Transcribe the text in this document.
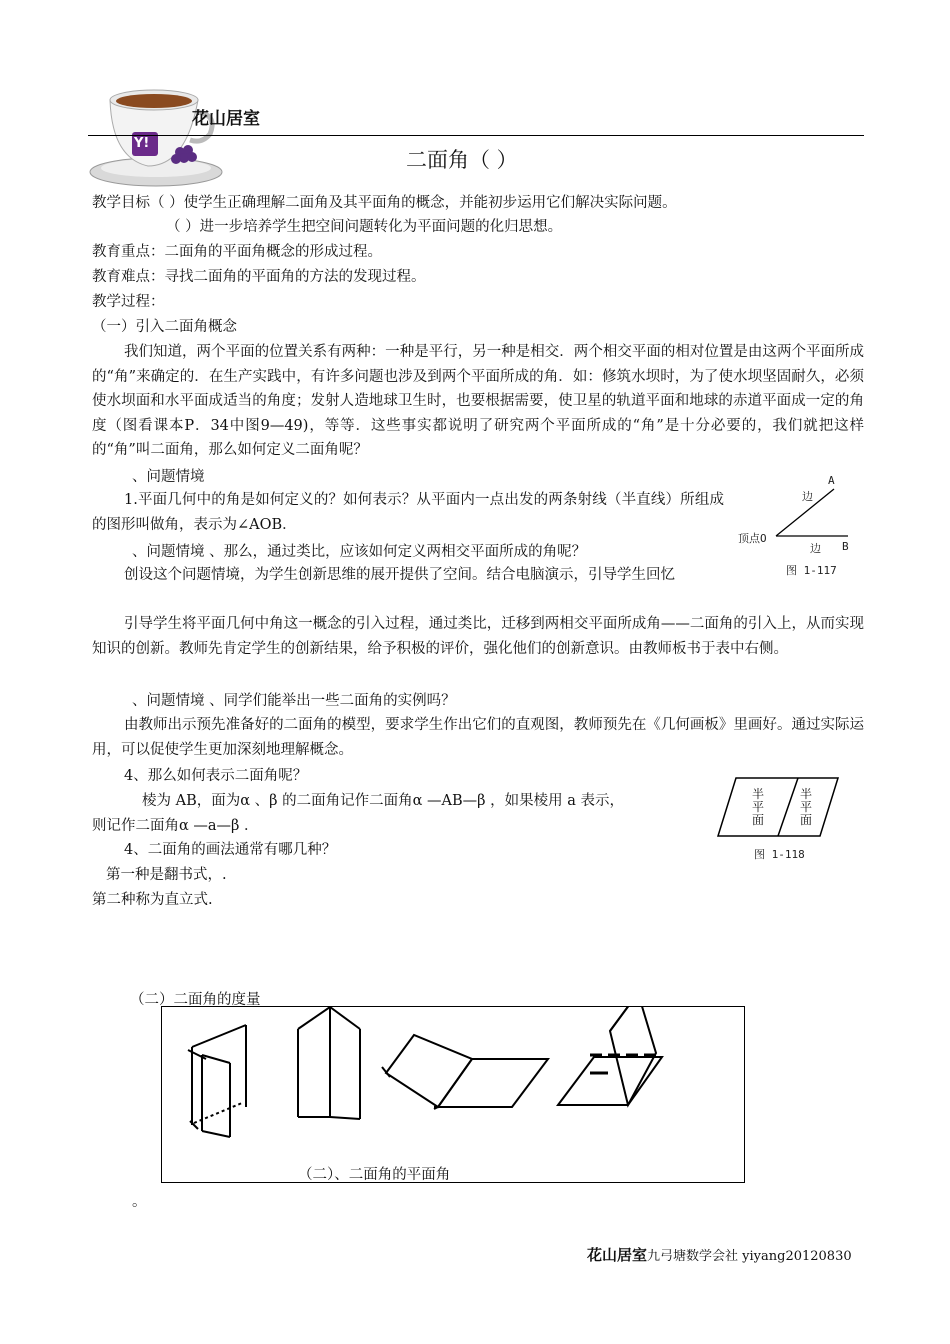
Y!
花山居室
二面角（ ）
教学目标（ ）使学生正确理解二面角及其平面角的概念，并能初步运用它们解决实际问题。
（ ）进一步培养学生把空间问题转化为平面问题的化归思想。
教育重点：二面角的平面角概念的形成过程。
教育难点：寻找二面角的平面角的方法的发现过程。
教学过程：
（一）引入二面角概念
我们知道，两个平面的位置关系有两种：一种是平行，另一种是相交．两个相交平面的相对位置是由这两个平面所成的“角”来确定的．在生产实践中，有许多问题也涉及到两个平面所成的角．如：修筑水坝时，为了使水坝坚固耐久，必须使水坝面和水平面成适当的角度；发射人造地球卫生时，也要根据需要，使卫星的轨道平面和地球的赤道平面成一定的角度（图看课本P．34中图9—49)，等等．这些事实都说明了研究两个平面所成的“角”是十分必要的，我们就把这样的“角”叫二面角，那么如何定义二面角呢？
、问题情境
1.平面几何中的角是如何定义的？如何表示？从平面内一点出发的两条射线（半直线）所组成的图形叫做角，表示为∠AOB．
、问题情境 、那么，通过类比，应该如何定义两相交平面所成的角呢？
创设这个问题情境，为学生创新思维的展开提供了空间。结合电脑演示，引导学生回忆
引导学生将平面几何中角这一概念的引入过程，通过类比，迁移到两相交平面所成角——二面角的引入上，从而实现知识的创新。教师先肯定学生的创新结果，给予积极的评价，强化他们的创新意识。由教师板书于表中右侧。
、问题情境 、同学们能举出一些二面角的实例吗？
由教师出示预先准备好的二面角的模型，要求学生作出它们的直观图，教师预先在《几何画板》里画好。通过实际运用，可以促使学生更加深刻地理解概念。
4、那么如何表示二面角呢？
棱为 AB，面为α 、β 的二面角记作二面角α —AB—β ，如果棱用 a 表示，
则记作二面角α —a—β ．
4、二面角的画法通常有哪几种？
第一种是翻书式，.
第二种称为直立式.
A
边
顶点O
边 B
图 1-117
半平面
半平面
图 1-118
（二）二面角的度量
（二）、二面角的平面角
。
花山居室九弓塘数学会社 yiyang20120830
